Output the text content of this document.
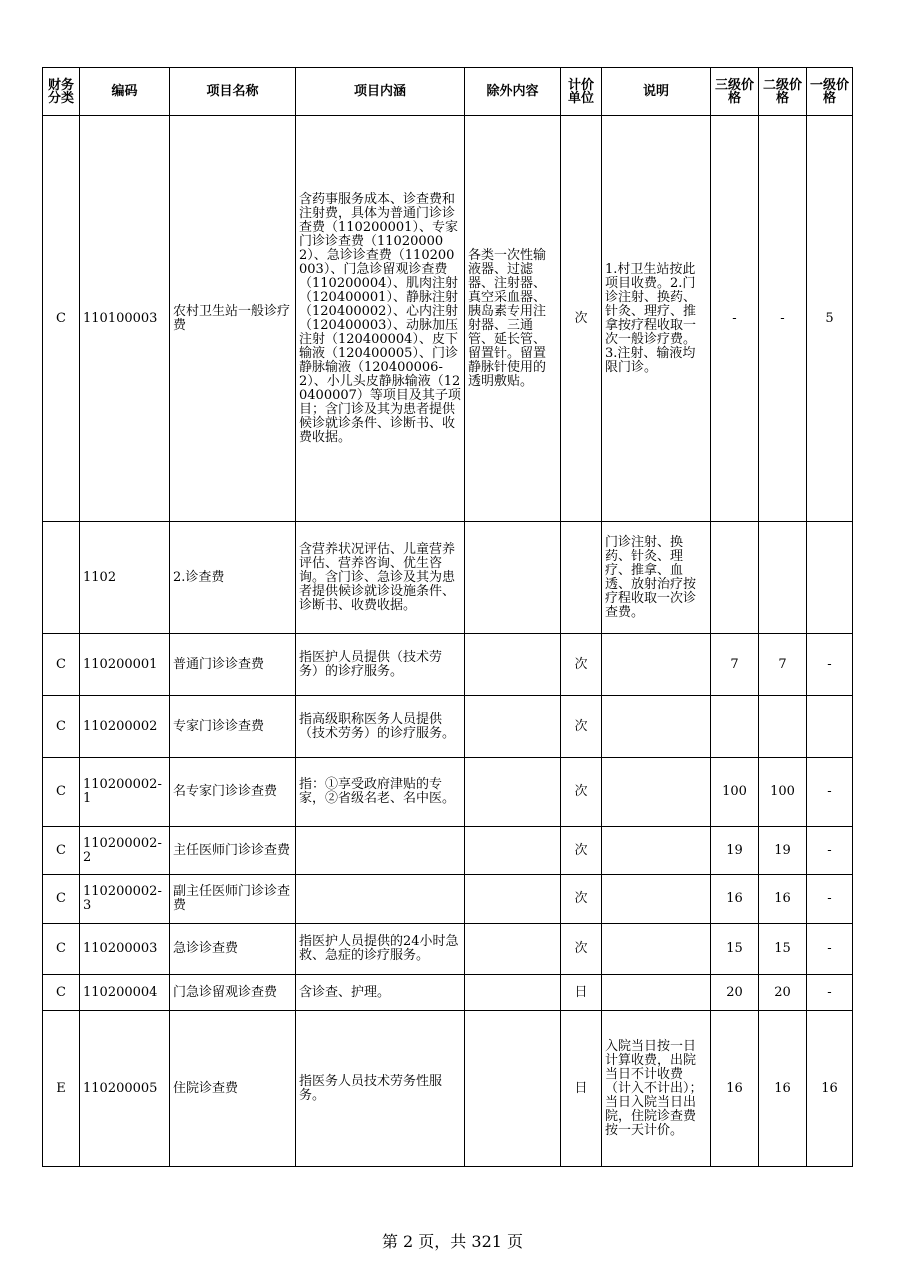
财务分类	编码	项目名称	项目内涵	除外内容	计价单位	说明	三级价格	二级价格	一级价格
C	110100003	农村卫生站一般诊疗费	含药事服务成本、诊查费和注射费，具体为普通门诊诊查费（110200001）、专家门诊诊查费（110200002）、急诊诊查费（110200003）、门急诊留观诊查费（110200004）、肌肉注射（120400001）、静脉注射（120400002）、心内注射（120400003）、动脉加压注射（120400004）、皮下输液（120400005）、门诊静脉输液（120400006-2）、小儿头皮静脉输液（120400007）等项目及其子项目；含门诊及其为患者提供候诊就诊条件、诊断书、收费收据。	各类一次性输液器、过滤器、注射器、真空采血器、胰岛素专用注射器、三通管、延长管、留置针。留置静脉针使用的透明敷贴。	次	1.村卫生站按此项目收费。2.门诊注射、换药、针灸、理疗、推拿按疗程收取一次一般诊疗费。3.注射、输液均限门诊。	-	-	5
	1102	2.诊查费	含营养状况评估、儿童营养评估、营养咨询、优生咨询。含门诊、急诊及其为患者提供候诊就诊设施条件、诊断书、收费收据。			门诊注射、换药、针灸、理疗、推拿、血透、放射治疗按疗程收取一次诊查费。			
C	110200001	普通门诊诊查费	指医护人员提供（技术劳务）的诊疗服务。		次		7	7	-
C	110200002	专家门诊诊查费	指高级职称医务人员提供（技术劳务）的诊疗服务。		次				
C	110200002-1	名专家门诊诊查费	指：①享受政府津贴的专家，②省级名老、名中医。		次		100	100	-
C	110200002-2	主任医师门诊诊查费			次		19	19	-
C	110200002-3	副主任医师门诊诊查费			次		16	16	-
C	110200003	急诊诊查费	指医护人员提供的24小时急救、急症的诊疗服务。		次		15	15	-
C	110200004	门急诊留观诊查费	含诊查、护理。		日		20	20	-
E	110200005	住院诊查费	指医务人员技术劳务性服务。		日	入院当日按一日计算收费，出院当日不计收费（计入不计出）；当日入院当日出院，住院诊查费按一天计价。	16	16	16
第 2 页，共 321 页
